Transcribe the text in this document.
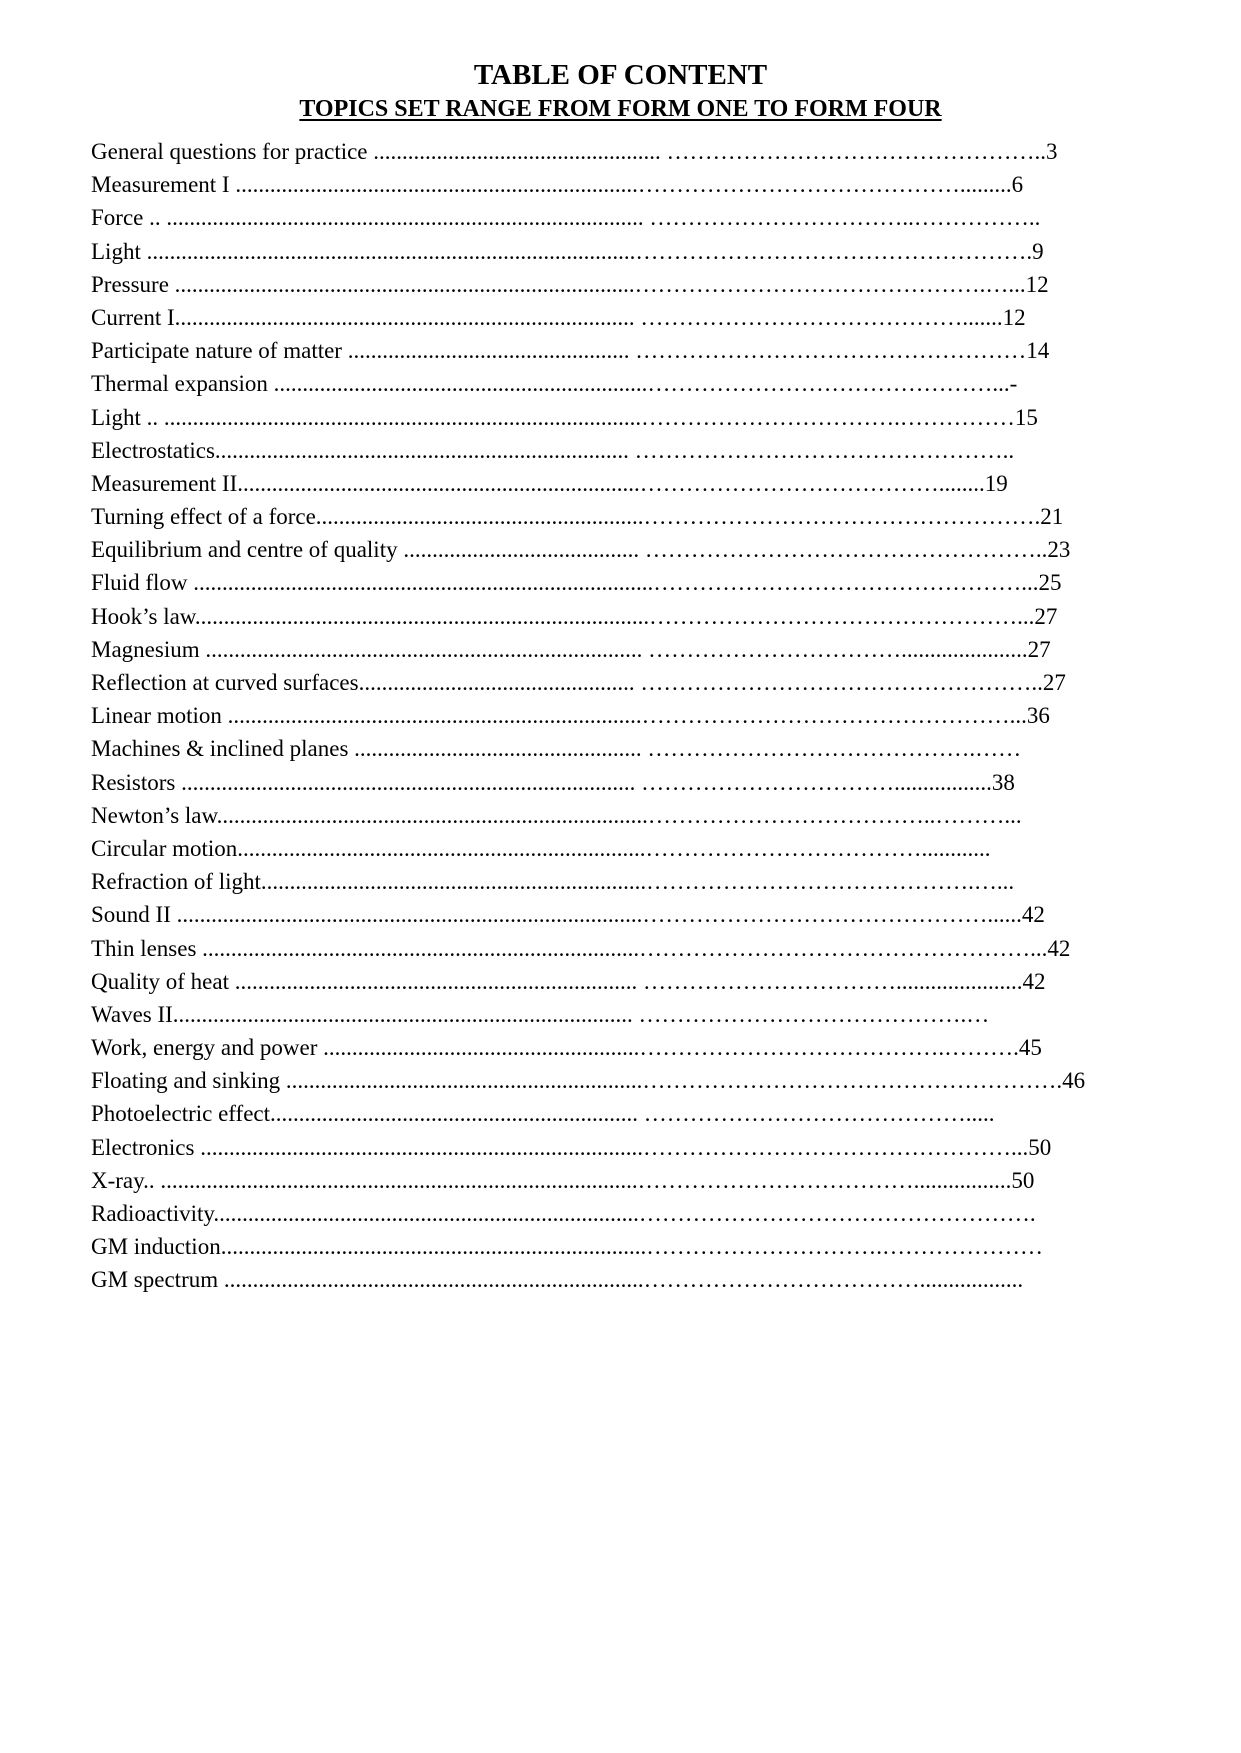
TABLE OF CONTENT
TOPICS SET RANGE FROM FORM ONE TO FORM FOUR
General questions for practice .................................................. …………………………………………..3
Measurement I ......................................................................…………………………………….........6
Force .. ................................................................................... ……………………………..……………..
Light .....................................................................................…………………………………………….9
Pressure ................................................................................……………………………………….…...12
Current I................................................................................ …………………………………….......12
Participate nature of matter ................................................. ……………………………………………14
Thermal expansion .................................................................………………………………………...-
Light .. ...................................................................................…………………………….……………15
Electrostatics........................................................................ …………………………………………..
Measurement II......................................................................…………………………………........19
Turning effect of a force.........................................................…………………………………………….21
Equilibrium and centre of quality ......................................... ……………………………………………..23
Fluid flow ................................................................................…………………………………………...25
Hook’s law...............................................................................…………………………………………...27
Magnesium ............................................................................ ……………………………......................27
Reflection at curved surfaces................................................ ……………………………………………..27
Linear motion ........................................................................…………………………………………...36
Machines & inclined planes .................................................. …………………………………….……
Resistors ............................................................................... …………………………….................38
Newton’s law...........................................................................………………………………..………...
Circular motion.......................................................................………………………………............
Refraction of light...................................................................…………………………………….…...
Sound II .................................................................................………………………………………......42
Thin lenses ............................................................................……………………………………………...42
Quality of heat ...................................................................... ……………………………......................42
Waves II................................................................................ …………………………………….…
Work, energy and power .......................................................………………………………….……….45
Floating and sinking ..............................................................……………………………………………….46
Photoelectric effect................................................................ …………………………………….....
Electronics .............................................................................…………………………………………...50
X-ray.. ...................................................................................……………………………….................50
Radioactivity..........................................................................…………………………………………….
GM induction..........................................................................………………………….…………………
GM spectrum .........................................................................………………………………..................
